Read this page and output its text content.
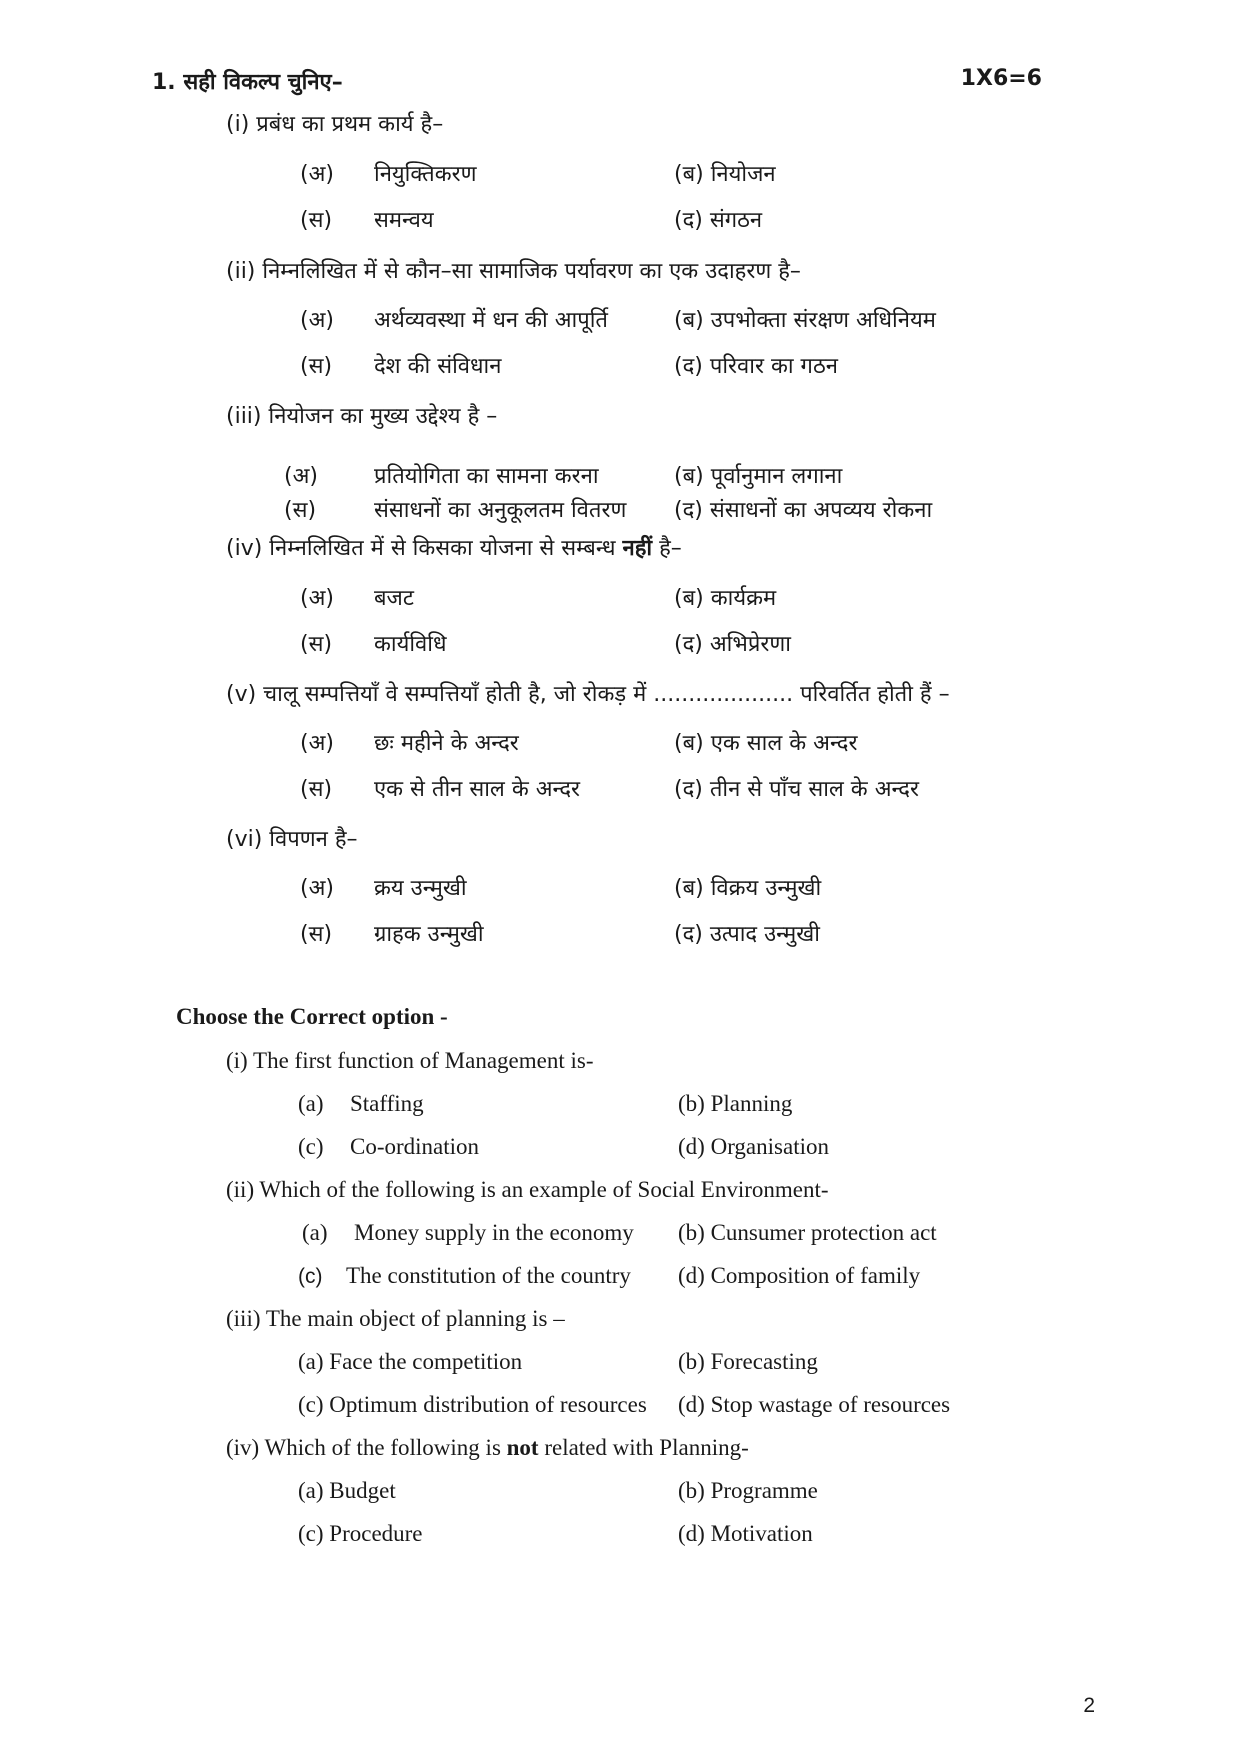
1. सही विकल्प चुनिए–	1X6=6
(i) प्रबंध का प्रथम कार्य है–
(अ) नियुक्तिकरण	(ब) नियोजन
(स) समन्वय	(द) संगठन
(ii) निम्नलिखित में से कौन–सा सामाजिक पर्यावरण का एक उदाहरण है–
(अ) अर्थव्यवस्था में धन की आपूर्ति	(ब) उपभोक्ता संरक्षण अधिनियम
(स) देश की संविधान	(द) परिवार का गठन
(iii) नियोजन का मुख्य उद्देश्य है –
(अ)	प्रतियोगिता का सामना करना	(ब) पूर्वानुमान लगाना
(स)	संसाधनों का अनुकूलतम वितरण (द) संसाधनों का अपव्यय रोकना
(iv) निम्नलिखित में से किसका योजना से सम्बन्ध नहीं है–
(अ) बजट	(ब) कार्यक्रम
(स) कार्यविधि	(द) अभिप्रेरणा
(v) चालू सम्पत्तियाँ वे सम्पत्तियाँ होती है, जो रोकड़ में .................... परिवर्तित होती हैं –
(अ) छः महीने के अन्दर	(ब) एक साल के अन्दर
(स) एक से तीन साल के अन्दर	(द) तीन से पाँच साल के अन्दर
(vi) विपणन है–
(अ) क्रय उन्मुखी	(ब) विक्रय उन्मुखी
(स) ग्राहक उन्मुखी	(द) उत्पाद उन्मुखी
Choose the Correct option -
(i) The first function of Management is-
(a) Staffing	(b) Planning
(c) Co-ordination	(d) Organisation
(ii) Which of the following is an example of Social Environment-
(a) Money supply in the economy (b) Cunsumer protection act
(c) The constitution of the country (d) Composition of family
(iii) The main object of planning is –
(a) Face the competition	(b) Forecasting
(c) Optimum distribution of resources (d) Stop wastage of resources
(iv) Which of the following is not related with Planning-
(a) Budget	(b) Programme
(c) Procedure	(d) Motivation
2
